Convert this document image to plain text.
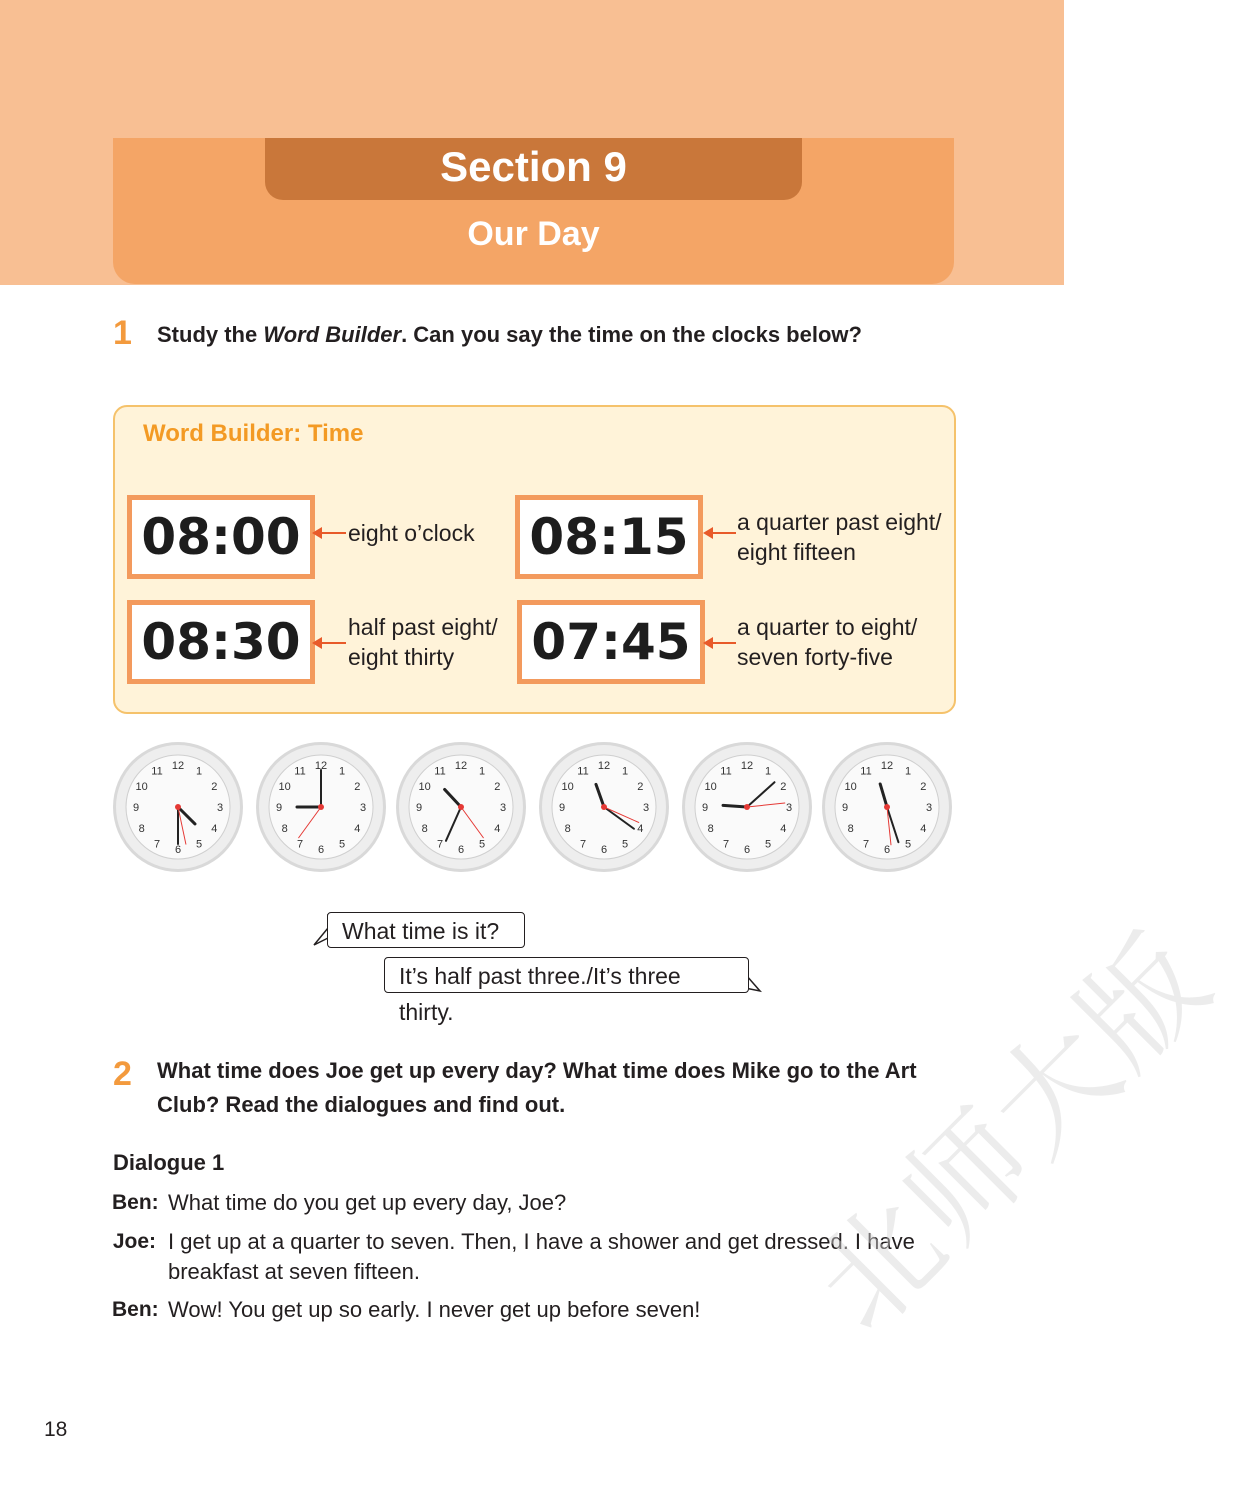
Section 9
Our Day
1 Study the Word Builder. Can you say the time on the clocks below?
Word Builder: Time
08:00	eight o’clock 08:15	a quarter past eight/
eight fifteen
08:30	half past eight/
eight thirty	07:45	a quarter to eight/
seven forty-five
1
2
3
4
5
6
7
8
9
10
11 12	1
2
3
4
5
6
7
8
9
10
11 12	1
2
3
4
5
6
7
8
9
10
11 12	1
2
3
4
5
6
7
8
9
10
11 12	1
2
3
4
5
6
7
8
9
10
11 12	1
2
3
4
5
6
7
8
9
10
11 12
What time is it?
It’s half past three./It’s three thirty.
2 What time does Joe get up every day? What time does Mike go to the Art
Club? Read the dialogues and find out.
Dialogue 1
Ben: What time do you get up every day, Joe?
Joe: I get up at a quarter to seven. Then, I have a shower and get dressed. I have
breakfast at seven fifteen.
Ben: Wow! You get up so early. I never get up before seven!
18
北师大版
